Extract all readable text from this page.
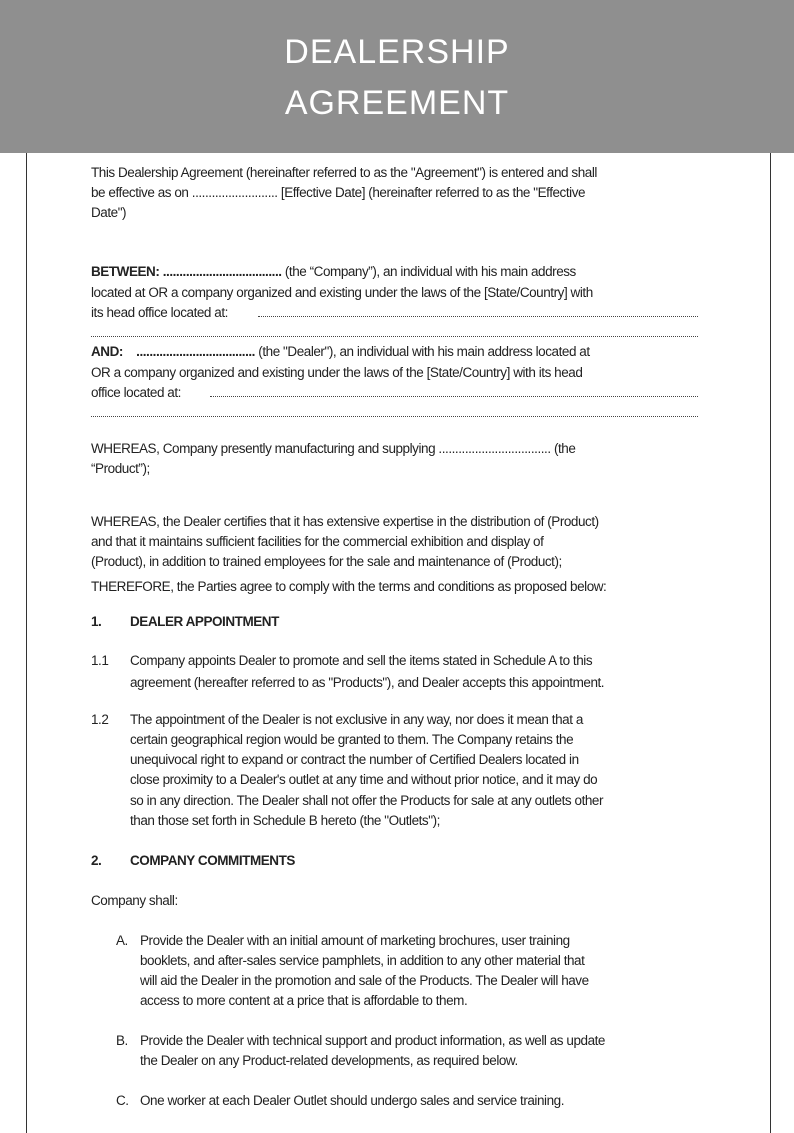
DEALERSHIP
AGREEMENT
This Dealership Agreement (hereinafter referred to as the "Agreement") is entered and shall
be effective as on .......................... [Effective Date] (hereinafter referred to as the "Effective
Date")
BETWEEN: .................................... (the “Company”), an individual with his main address
located at OR a company organized and existing under the laws of the [State/Country] with
its head office located at:
AND: .................................... (the "Dealer"), an individual with his main address located at
OR a company organized and existing under the laws of the [State/Country] with its head
office located at:
WHEREAS, Company presently manufacturing and supplying .................................. (the
“Product”);
WHEREAS, the Dealer certifies that it has extensive expertise in the distribution of (Product)
and that it maintains sufficient facilities for the commercial exhibition and display of
(Product), in addition to trained employees for the sale and maintenance of (Product);
THEREFORE, the Parties agree to comply with the terms and conditions as proposed below:
1. DEALER APPOINTMENT
1.1 Company appoints Dealer to promote and sell the items stated in Schedule A to this
agreement (hereafter referred to as "Products"), and Dealer accepts this appointment.
1.2 The appointment of the Dealer is not exclusive in any way, nor does it mean that a
certain geographical region would be granted to them. The Company retains the
unequivocal right to expand or contract the number of Certified Dealers located in
close proximity to a Dealer's outlet at any time and without prior notice, and it may do
so in any direction. The Dealer shall not offer the Products for sale at any outlets other
than those set forth in Schedule B hereto (the "Outlets");
2. COMPANY COMMITMENTS
Company shall:
A. Provide the Dealer with an initial amount of marketing brochures, user training
booklets, and after-sales service pamphlets, in addition to any other material that
will aid the Dealer in the promotion and sale of the Products. The Dealer will have
access to more content at a price that is affordable to them.
B. Provide the Dealer with technical support and product information, as well as update
the Dealer on any Product-related developments, as required below.
C. One worker at each Dealer Outlet should undergo sales and service training.
